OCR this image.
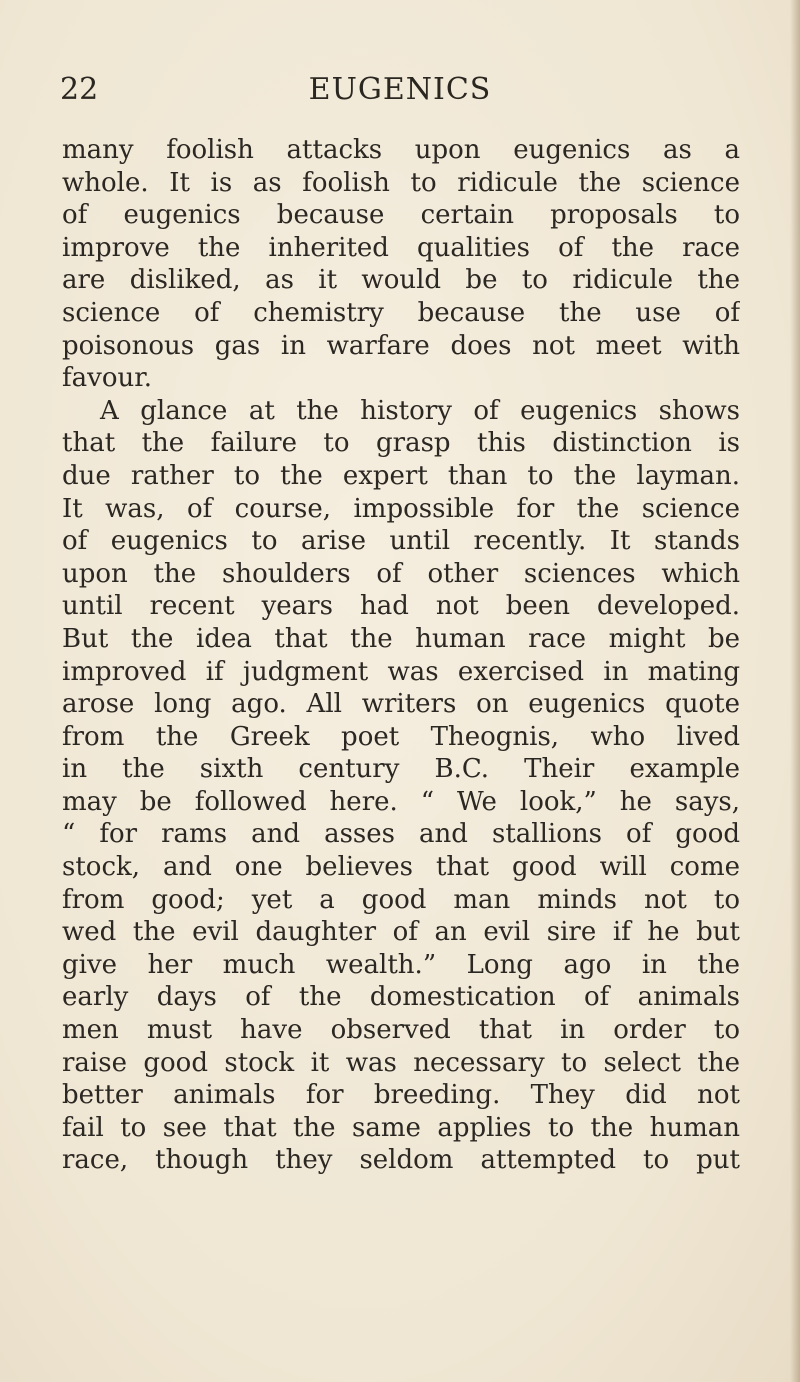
22	EUGENICS
many foolish attacks upon eugenics as a
whole. It is as foolish to ridicule the science
of eugenics because certain proposals to
improve the inherited qualities of the race
are disliked, as it would be to ridicule the
science of chemistry because the use of
poisonous gas in warfare does not meet with
favour.
A glance at the history of eugenics shows
that the failure to grasp this distinction is
due rather to the expert than to the layman.
It was, of course, impossible for the science
of eugenics to arise until recently. It stands
upon the shoulders of other sciences which
until recent years had not been developed.
But the idea that the human race might be
improved if judgment was exercised in mating
arose long ago. All writers on eugenics quote
from the Greek poet Theognis, who lived
in the sixth century B.C. Their example
may be followed here. “ We look,” he says,
“ for rams and asses and stallions of good
stock, and one believes that good will come
from good; yet a good man minds not to
wed the evil daughter of an evil sire if he but
give her much wealth.” Long ago in the
early days of the domestication of animals
men must have observed that in order to
raise good stock it was necessary to select the
better animals for breeding. They did not
fail to see that the same applies to the human
race, though they seldom attempted to put
